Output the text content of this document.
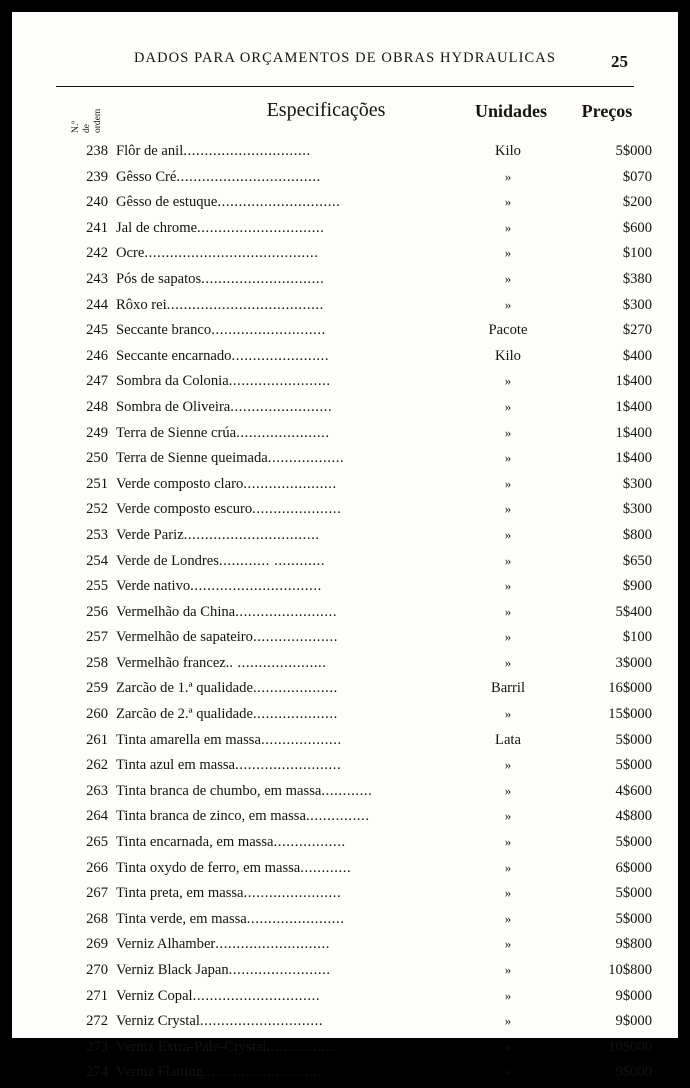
DADOS PARA ORÇAMENTOS DE OBRAS HYDRAULICAS	25
N.º de ordem	Especificações	Unidades	Preços
238 Flôr de anil..............................	Kilo	5$000
239 Gêsso Cré..................................	»	$070
240 Gêsso de estuque.............................	»	$200
241 Jal de chrome..............................	»	$600
242 Ocre.........................................	»	$100
243 Pós de sapatos.............................	»	$380
244 Rôxo rei.....................................	»	$300
245 Seccante branco...........................	Pacote	$270
246 Seccante encarnado.......................	Kilo	$400
247 Sombra da Colonia........................	»	1$400
248 Sombra de Oliveira........................	»	1$400
249 Terra de Sienne crúa......................	»	1$400
250 Terra de Sienne queimada..................	»	1$400
251 Verde composto claro......................	»	$300
252 Verde composto escuro.....................	»	$300
253 Verde Pariz................................	»	$800
254 Verde de Londres............ ............	»	$650
255 Verde nativo...............................	»	$900
256 Vermelhão da China........................	»	5$400
257 Vermelhão de sapateiro....................	»	$100
258 Vermelhão francez.. .....................	»	3$000
259 Zarcão de 1.ª qualidade....................	Barril	16$000
260 Zarcão de 2.ª qualidade....................	»	15$000
261 Tinta amarella em massa...................	Lata	5$000
262 Tinta azul em massa.........................	»	5$000
263 Tinta branca de chumbo, em massa............	»	4$600
264 Tinta branca de zinco, em massa...............	»	4$800
265 Tinta encarnada, em massa.................	»	5$000
266 Tinta oxydo de ferro, em massa............	»	6$000
267 Tinta preta, em massa.......................	»	5$000
268 Tinta verde, em massa.......................	»	5$000
269 Verniz Alhamber...........................	»	9$800
270 Verniz Black Japan........................	»	10$800
271 Verniz Copal..............................	»	9$000
272 Verniz Crystal.............................	»	9$000
273 Verniz Extra-Pale-Crystal.................	»	10$000
274 Verniz Flatting............................	»	9$000
